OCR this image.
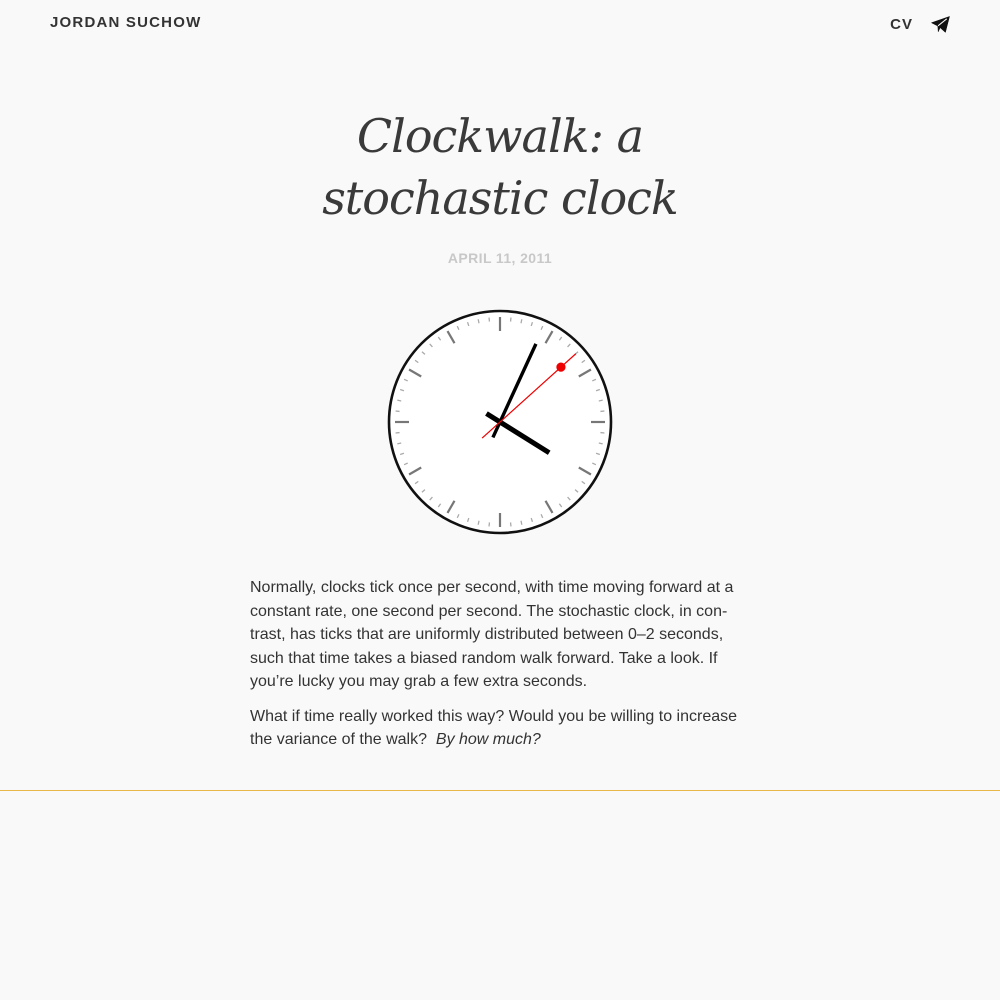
JORDAN SUCHOW	CV
Clockwalk: a stochastic clock
APRIL 11, 2011

Normally, clocks tick once per second, with time moving forward at a constant rate, one second per second. The stochastic clock, in contrast, has ticks that are uniformly distributed between 0–2 seconds, such that time takes a biased random walk forward. Take a look. If you’re lucky you may grab a few extra seconds.

What if time really worked this way? Would you be willing to increase the variance of the walk? By how much?
